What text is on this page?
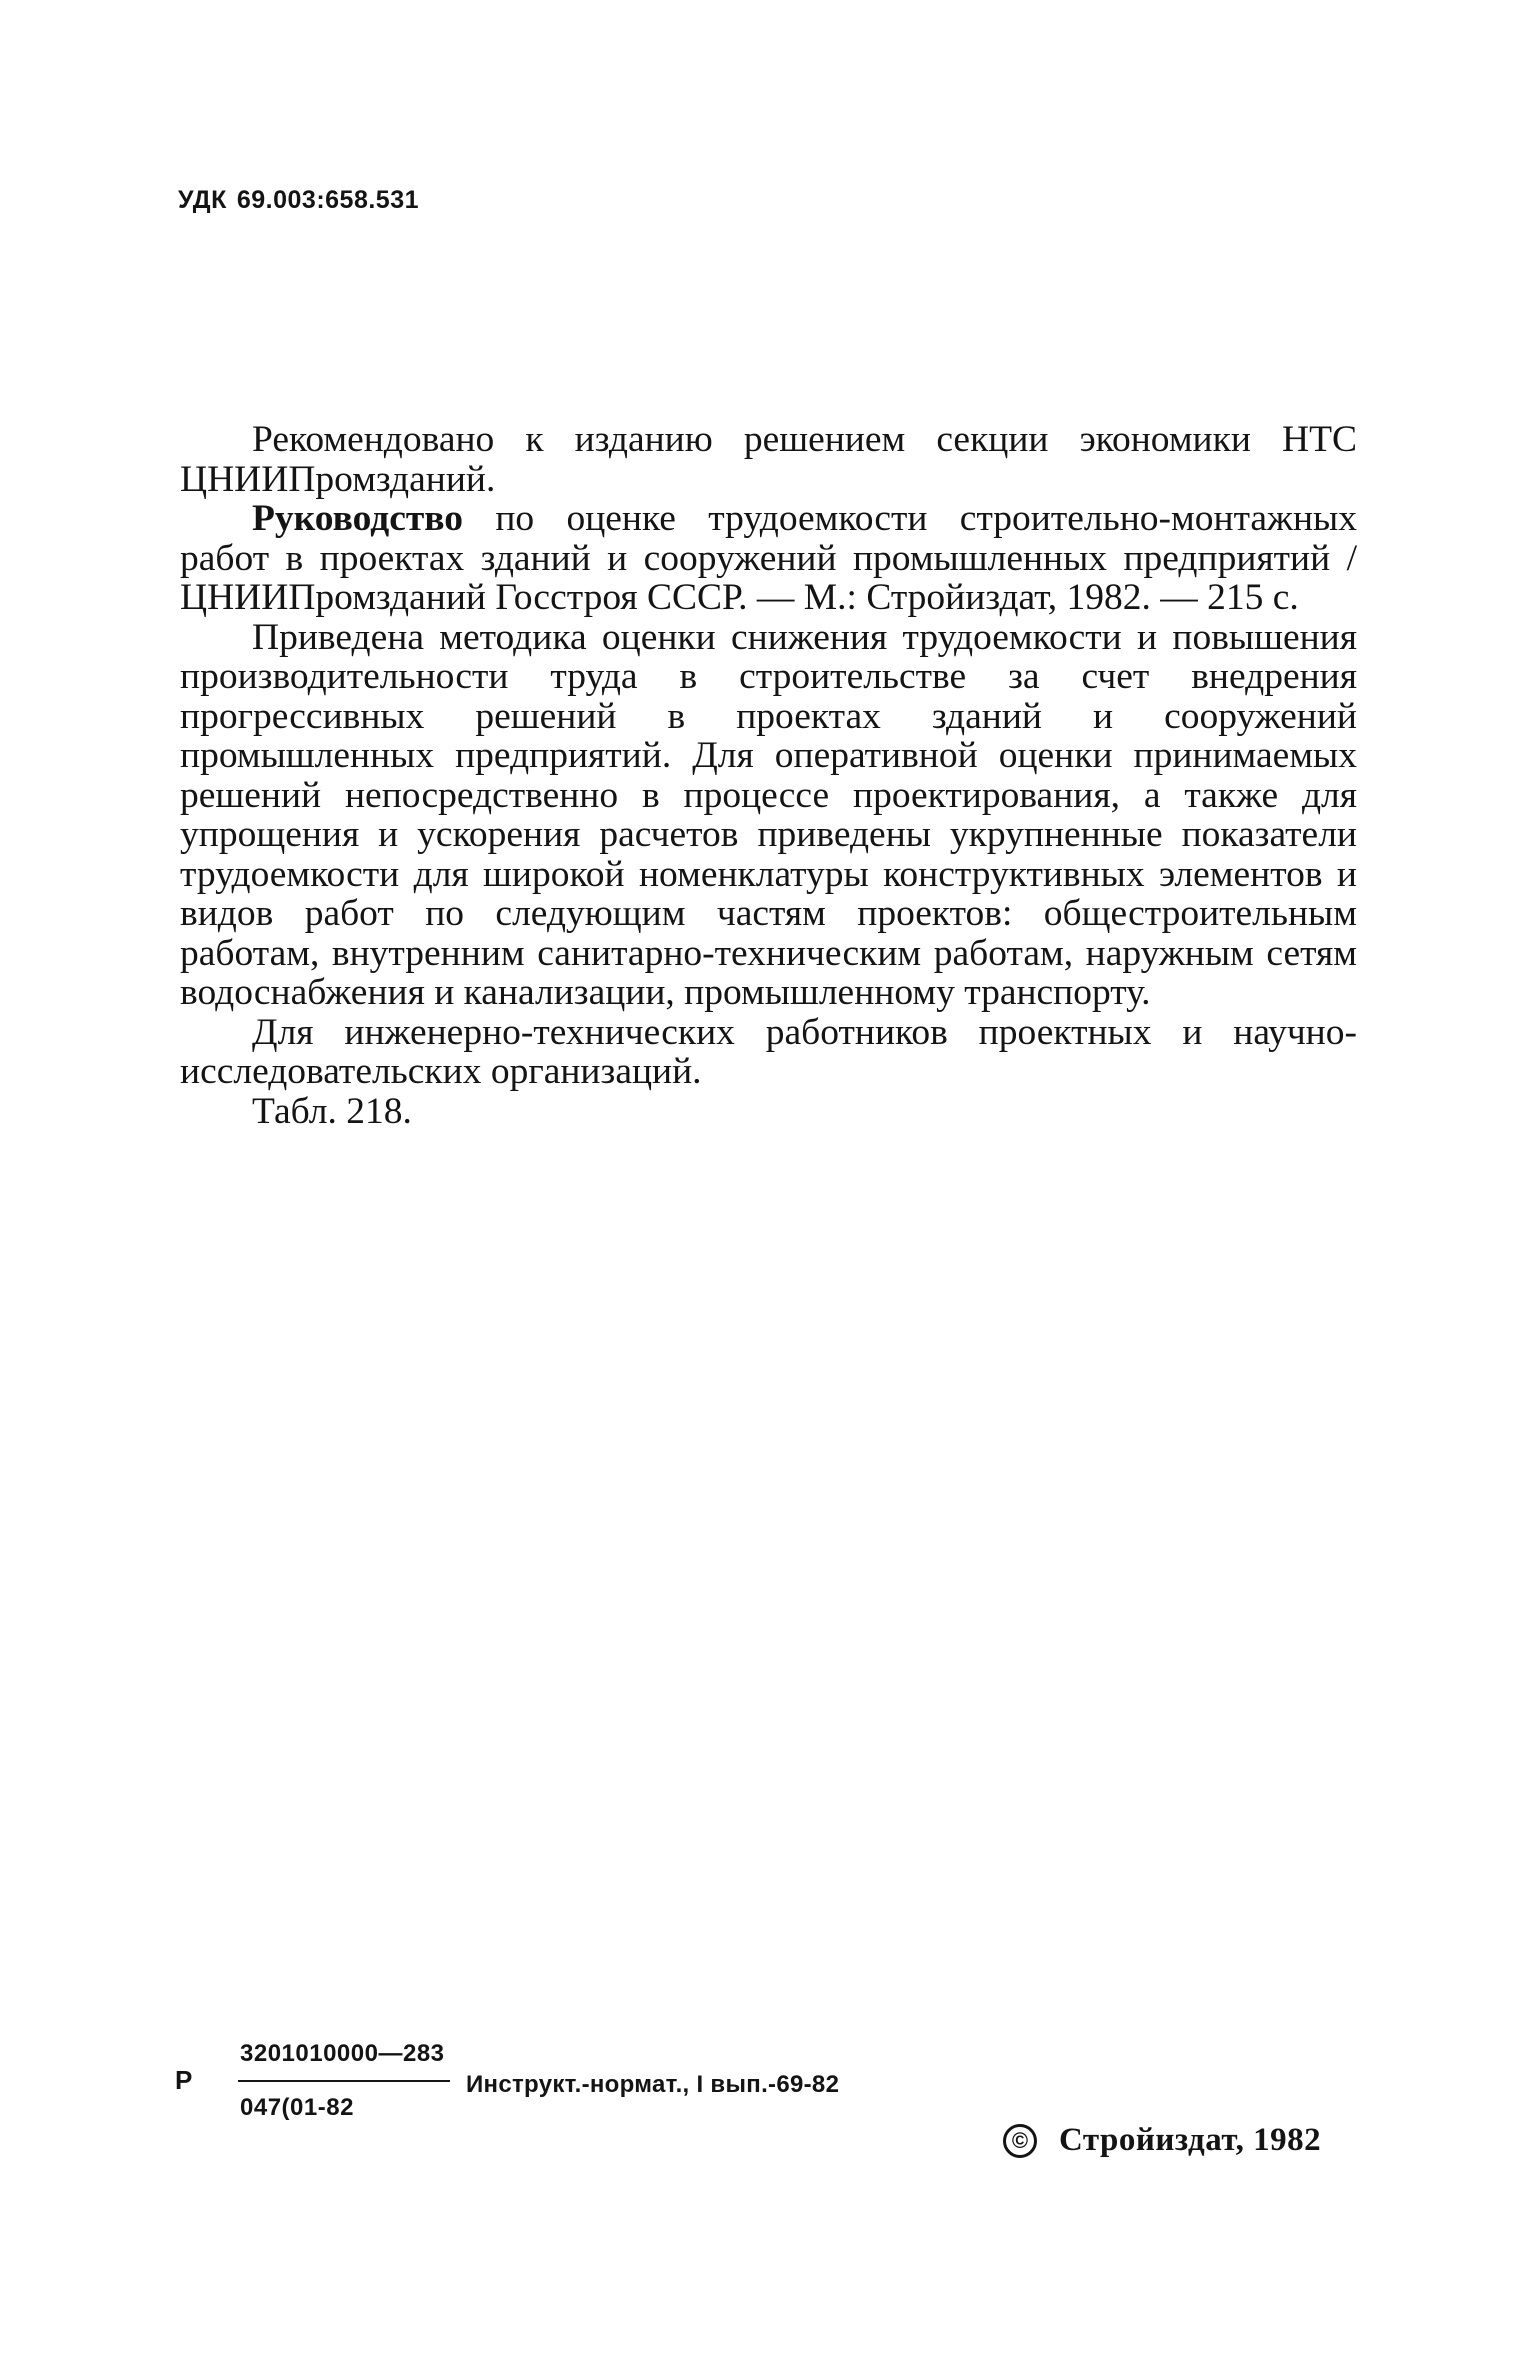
УДК 69.003:658.531

Рекомендовано к изданию решением секции экономики НТС ЦНИИПромзданий.

Руководство по оценке трудоемкости строительно-монтажных работ в проектах зданий и сооружений промышленных предприятий / ЦНИИПромзданий Госстроя СССР. — М.: Стройиздат, 1982. — 215 с.

Приведена методика оценки снижения трудоемкости и повышения производительности труда в строительстве за счет внедрения прогрессивных решений в проектах зданий и сооружений промышленных предприятий. Для оперативной оценки принимаемых решений непосредственно в процессе проектирования, а также для упрощения и ускорения расчетов приведены укрупненные показатели трудоемкости для широкой номенклатуры конструктивных элементов и видов работ по следующим частям проектов: общестроительным работам, внутренним санитарно-техническим работам, наружным сетям водоснабжения и канализации, промышленному транспорту.

Для инженерно-технических работников проектных и научно-исследовательских организаций.

Табл. 218.

Р
3201010000—283
047(01-82
Инструкт.-нормат., I вып.-69-82
© Стройиздат, 1982
